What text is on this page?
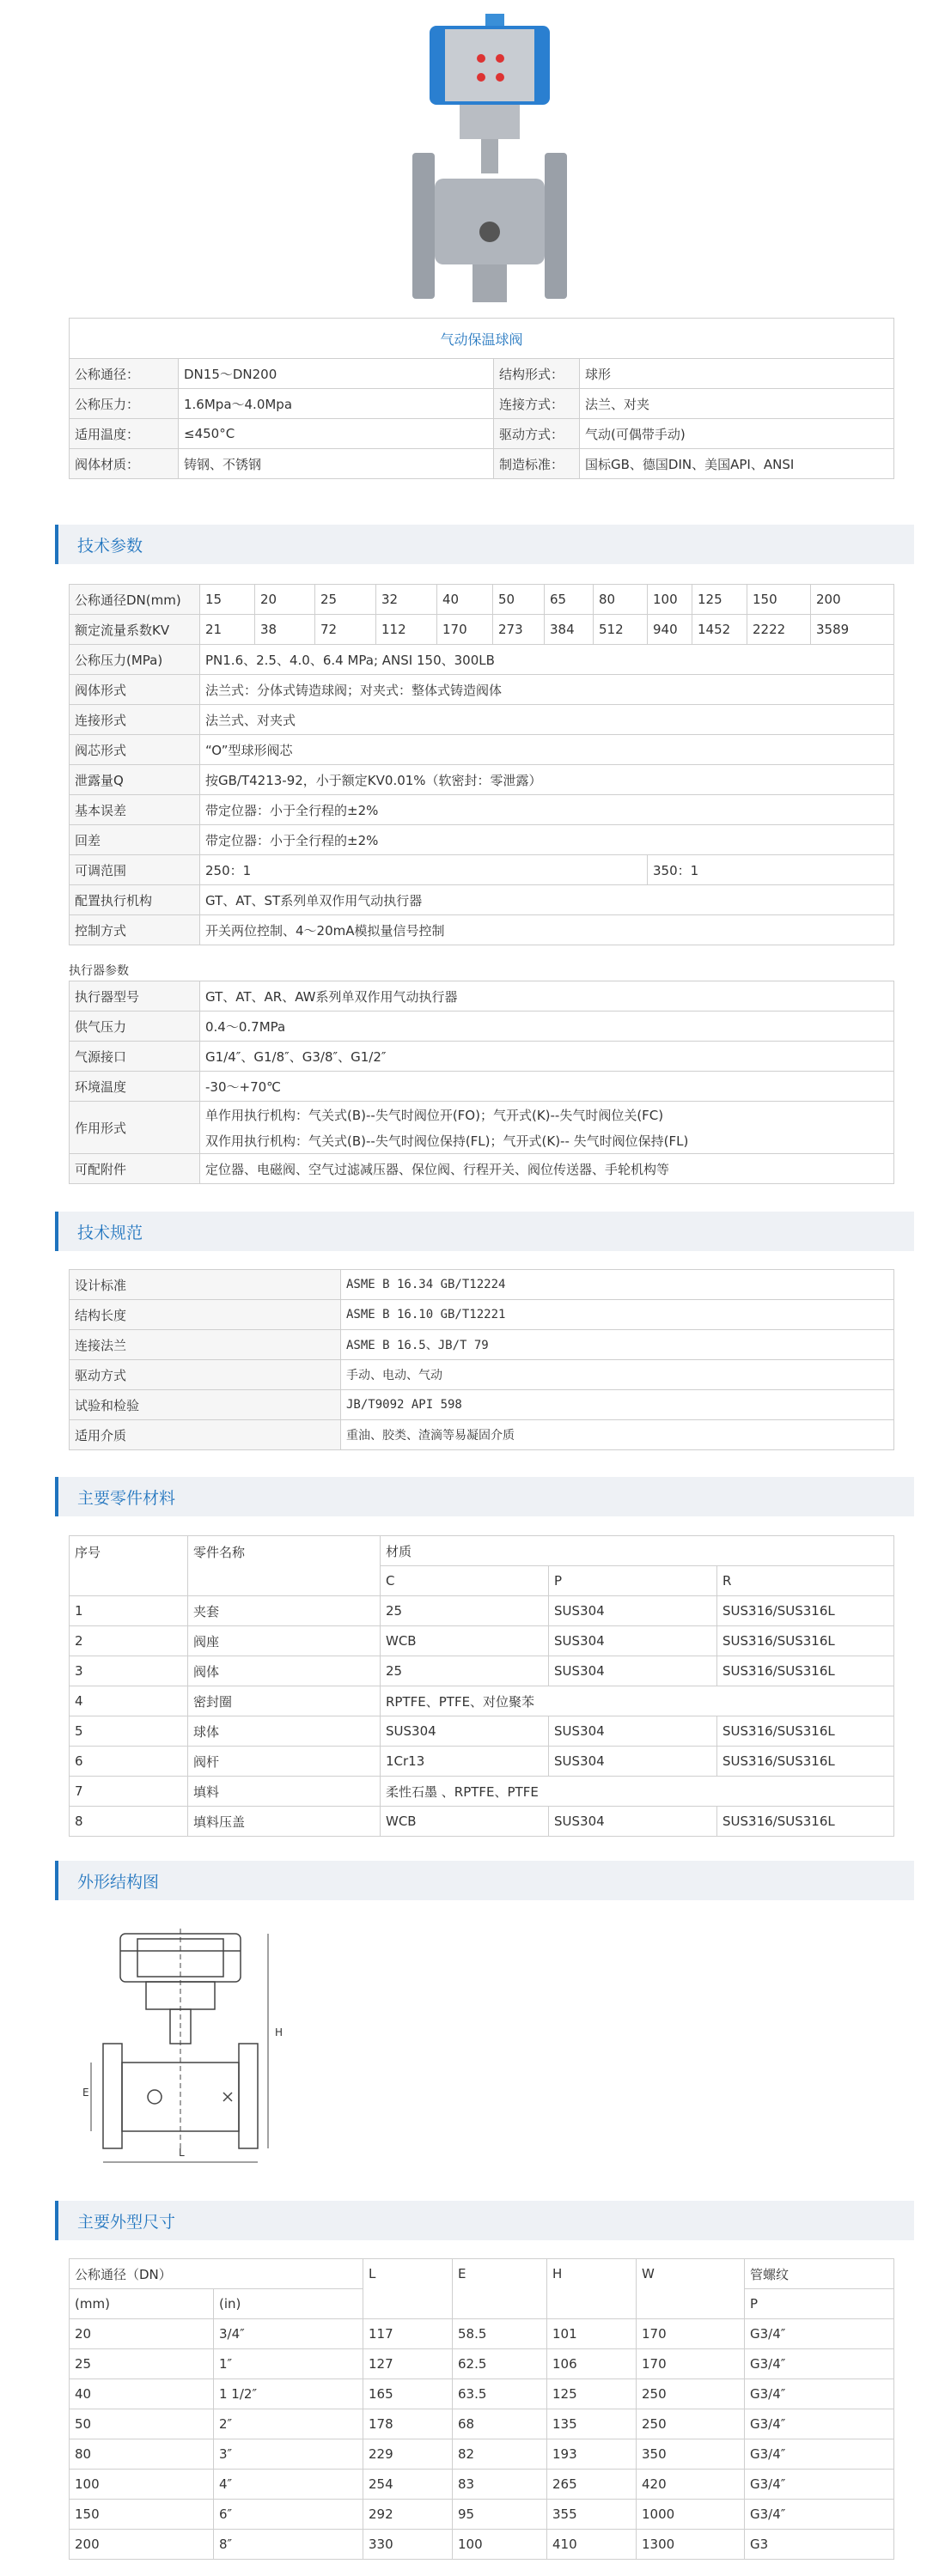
气动保温球阀			
公称通径：	DN15～DN200	结构形式：	球形
公称压力：	1.6Mpa～4.0Mpa	连接方式：	法兰、对夹
适用温度：	≤450°C	驱动方式：	气动(可偶带手动)
阀体材质：	铸钢、不锈钢	制造标准：	国标GB、德国DIN、美国API、ANSI
技术参数
公称通径DN(mm)	15	20	25	32	40	50	65	80	100	125	150	200
额定流量系数KV	21	38	72	112	170	273	384	512	940	1452	2222	3589
公称压力(MPa)	PN1.6、2.5、4.0、6.4 MPa; ANSI 150、300LB											
阀体形式	法兰式：分体式铸造球阀；对夹式：整体式铸造阀体											
连接形式	法兰式、对夹式											
阀芯形式	“O”型球形阀芯											
泄露量Q	按GB/T4213-92，小于额定KV0.01%（软密封：零泄露）											
基本误差	带定位器：小于全行程的±2%											
回差	带定位器：小于全行程的±2%											
可调范围	250：1								350：1			
配置执行机构	GT、AT、ST系列单双作用气动执行器											
控制方式	开关两位控制、4～20mA模拟量信号控制											
执行器参数
执行器型号	GT、AT、AR、AW系列单双作用气动执行器
供气压力	0.4～0.7MPa
气源接口	G1/4″、G1/8″、G3/8″、G1/2″
环境温度	-30～+70℃
作用形式	单作用执行机构：气关式(B)--失气时阀位开(FO)；气开式(K)--失气时阀位关(FC)
	双作用执行机构：气关式(B)--失气时阀位保持(FL)；气开式(K)-- 失气时阀位保持(FL)
可配附件	定位器、电磁阀、空气过滤减压器、保位阀、行程开关、阀位传送器、手轮机构等
技术规范
设计标准	ASME B 16.34 GB/T12224
结构长度	ASME B 16.10 GB/T12221
连接法兰	ASME B 16.5、JB/T 79
驱动方式	手动、电动、气动
试验和检验	JB/T9092 API 598
适用介质	重油、胶类、渣滴等易凝固介质
主要零件材料
序号	零件名称	材质		
		C	P	R
1	夹套	25	SUS304	SUS316/SUS316L
2	阀座	WCB	SUS304	SUS316/SUS316L
3	阀体	25	SUS304	SUS316/SUS316L
4	密封圈	RPTFE、PTFE、对位聚苯		
5	球体	SUS304	SUS304	SUS316/SUS316L
6	阀杆	1Cr13	SUS304	SUS316/SUS316L
7	填料	柔性石墨 、RPTFE、PTFE		
8	填料压盖	WCB	SUS304	SUS316/SUS316L
外形结构图
L
H
E
主要外型尺寸
公称通径（DN）		L	E	H	W	管螺纹
(mm)	(in)					P
20	3/4″	117	58.5	101	170	G3/4″
25	1″	127	62.5	106	170	G3/4″
40	1 1/2″	165	63.5	125	250	G3/4″
50	2″	178	68	135	250	G3/4″
80	3″	229	82	193	350	G3/4″
100	4″	254	83	265	420	G3/4″
150	6″	292	95	355	1000	G3/4″
200	8″	330	100	410	1300	G3
